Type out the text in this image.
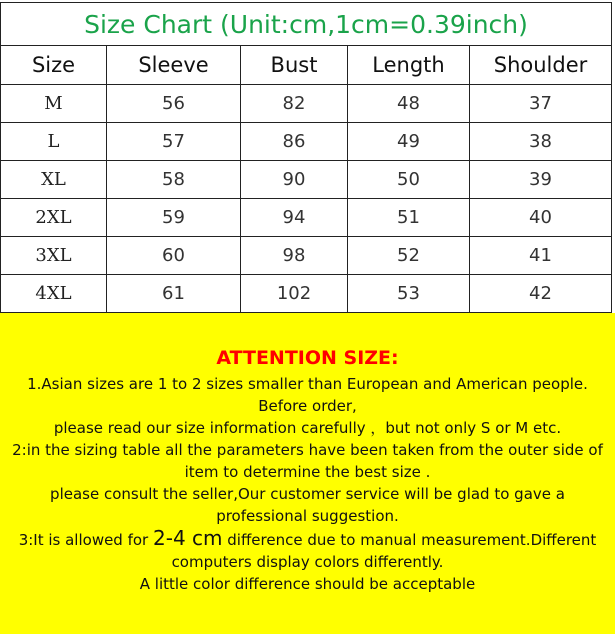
Size Chart (Unit:cm,1cm=0.39inch)				
Size	Sleeve	Bust	Length	Shoulder
M	56	82	48	37
L	57	86	49	38
XL	58	90	50	39
2XL	59	94	51	40
3XL	60	98	52	41
4XL	61	102	53	42
ATTENTION SIZE:
1.Asian sizes are 1 to 2 sizes smaller than European and American people. Before order,
please read our size information carefully ，but not only S or M etc.
2:in the sizing table all the parameters have been taken from the outer side of item to determine the best size .
please consult the seller,Our customer service will be glad to gave a professional suggestion.
3:It is allowed for 2-4 cm difference due to manual measurement.Different computers display colors differently.
A little color difference should be acceptable
